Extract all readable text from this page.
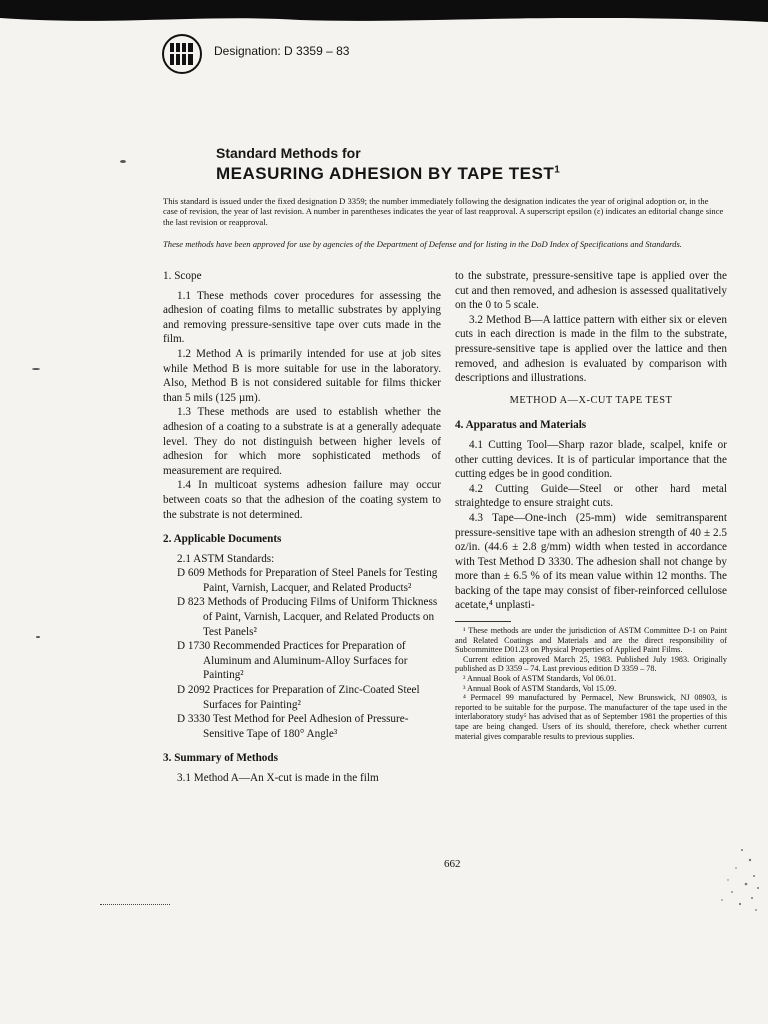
Designation: D 3359 – 83
Standard Methods for
MEASURING ADHESION BY TAPE TEST$^1$
This standard is issued under the fixed designation D 3359; the number immediately following the designation indicates the year of original adoption or, in the case of revision, the year of last revision. A number in parentheses indicates the year of last reapproval. A superscript epsilon (ε) indicates an editorial change since the last revision or reapproval.
These methods have been approved for use by agencies of the Department of Defense and for listing in the DoD Index of Specifications and Standards.
1. Scope

1.1 These methods cover procedures for assessing the adhesion of coating films to metallic substrates by applying and removing pressure-sensitive tape over cuts made in the film.

1.2 Method A is primarily intended for use at job sites while Method B is more suitable for use in the laboratory. Also, Method B is not considered suitable for films thicker than 5 mils (125 µm).

1.3 These methods are used to establish whether the adhesion of a coating to a substrate is at a generally adequate level. They do not distinguish between higher levels of adhesion for which more sophisticated methods of measurement are required.

1.4 In multicoat systems adhesion failure may occur between coats so that the adhesion of the coating system to the substrate is not determined.

2. Applicable Documents

2.1 ASTM Standards:

D 609 Methods for Preparation of Steel Panels for Testing Paint, Varnish, Lacquer, and Related Products²

D 823 Methods of Producing Films of Uniform Thickness of Paint, Varnish, Lacquer, and Related Products on Test Panels²

D 1730 Recommended Practices for Preparation of Aluminum and Aluminum-Alloy Surfaces for Painting²

D 2092 Practices for Preparation of Zinc-Coated Steel Surfaces for Painting²

D 3330 Test Method for Peel Adhesion of Pressure-Sensitive Tape of 180° Angle³

3. Summary of Methods

3.1 Method A—An X-cut is made in the film

to the substrate, pressure-sensitive tape is applied over the cut and then removed, and adhesion is assessed qualitatively on the 0 to 5 scale.

3.2 Method B—A lattice pattern with either six or eleven cuts in each direction is made in the film to the substrate, pressure-sensitive tape is applied over the lattice and then removed, and adhesion is evaluated by comparison with descriptions and illustrations.

METHOD A—X-CUT TAPE TEST
4. Apparatus and Materials

4.1 Cutting Tool—Sharp razor blade, scalpel, knife or other cutting devices. It is of particular importance that the cutting edges be in good condition.

4.2 Cutting Guide—Steel or other hard metal straightedge to ensure straight cuts.

4.3 Tape—One-inch (25-mm) wide semitransparent pressure-sensitive tape with an adhesion strength of 40 ± 2.5 oz/in. (44.6 ± 2.8 g/mm) width when tested in accordance with Test Method D 3330. The adhesion shall not change by more than ± 6.5 % of its mean value within 12 months. The backing of the tape may consist of fiber-reinforced cellulose acetate,⁴ unplasti-

¹ These methods are under the jurisdiction of ASTM Committee D-1 on Paint and Related Coatings and Materials and are the direct responsibility of Subcommittee D01.23 on Physical Properties of Applied Paint Films.

Current edition approved March 25, 1983. Published July 1983. Originally published as D 3359 – 74. Last previous edition D 3359 – 78.

² Annual Book of ASTM Standards, Vol 06.01.

³ Annual Book of ASTM Standards, Vol 15.09.

⁴ Permacel 99 manufactured by Permacel, New Brunswick, NJ 08903, is reported to be suitable for the purpose. The manufacturer of the tape used in the interlaboratory study⁵ has advised that as of September 1981 the properties of this tape are being changed. Users of its should, therefore, check whether current material gives comparable results to previous supplies.

662
